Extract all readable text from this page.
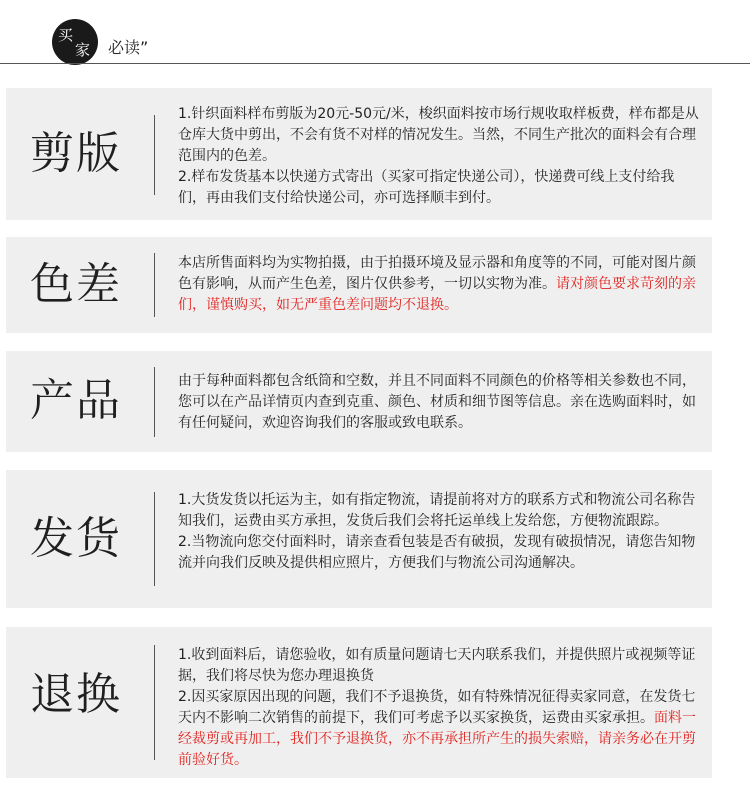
买
家 必读”
剪版

1.针织面料样布剪版为20元-50元/米，梭织面料按市场行规收取样板费，样布都是从仓库大货中剪出，不会有货不对样的情况发生。当然，不同生产批次的面料会有合理范围内的色差。

2.样布发货基本以快递方式寄出（买家可指定快递公司），快递费可线上支付给我们，再由我们支付给快递公司，亦可选择顺丰到付。

色差	本店所售面料均为实物拍摄，由于拍摄环境及显示器和角度等的不同，可能对图片颜色有影响，从而产生色差，图片仅供参考，一切以实物为准。请对颜色要求苛刻的亲们，谨慎购买，如无严重色差问题均不退换。

产品	由于每种面料都包含纸筒和空数，并且不同面料不同颜色的价格等相关参数也不同，您可以在产品详情页内查到克重、颜色、材质和细节图等信息。亲在选购面料时，如有任何疑问，欢迎咨询我们的客服或致电联系。

发货

1.大货发货以托运为主，如有指定物流，请提前将对方的联系方式和物流公司名称告知我们，运费由买方承担，发货后我们会将托运单线上发给您，方便物流跟踪。

2.当物流向您交付面料时，请亲查看包装是否有破损，发现有破损情况，请您告知物流并向我们反映及提供相应照片，方便我们与物流公司沟通解决。

退换

1.收到面料后，请您验收，如有质量问题请七天内联系我们，并提供照片或视频等证据，我们将尽快为您办理退换货

2.因买家原因出现的问题，我们不予退换货，如有特殊情况征得卖家同意，在发货七天内不影响二次销售的前提下，我们可考虑予以买家换货，运费由买家承担。面料一经裁剪或再加工，我们不予退换货，亦不再承担所产生的损失索赔，请亲务必在开剪前验好货。
